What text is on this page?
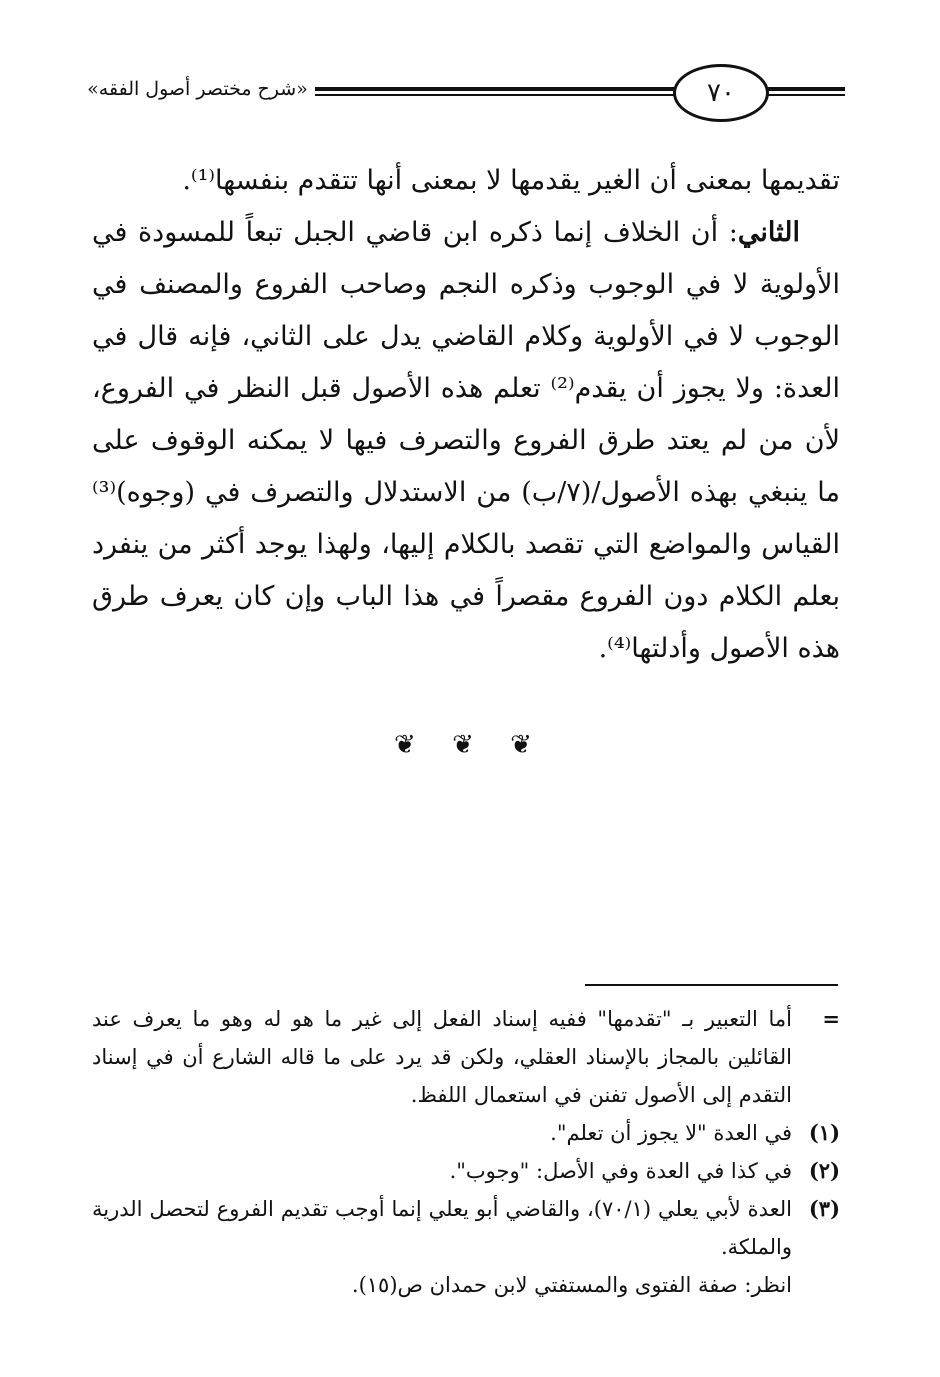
٧٠
«شرح مختصر أصول الفقه»

تقديمها بمعنى أن الغير يقدمها لا بمعنى أنها تتقدم بنفسها⁽¹⁾.

الثاني: أن الخلاف إنما ذكره ابن قاضي الجبل تبعاً للمسودة في الأولوية لا في الوجوب وذكره النجم وصاحب الفروع والمصنف في الوجوب لا في الأولوية وكلام القاضي يدل على الثاني، فإنه قال في العدة: ولا يجوز أن يقدم⁽²⁾ تعلم هذه الأصول قبل النظر في الفروع، لأن من لم يعتد طرق الفروع والتصرف فيها لا يمكنه الوقوف على ما ينبغي بهذه الأصول/(٧/ب) من الاستدلال والتصرف في (وجوه)⁽³⁾ القياس والمواضع التي تقصد بالكلام إليها، ولهذا يوجد أكثر من ينفرد بعلم الكلام دون الفروع مقصراً في هذا الباب وإن كان يعرف طرق هذه الأصول وأدلتها⁽⁴⁾.

❦ ❦ ❦
=
أما التعبير بـ "تقدمها" ففيه إسناد الفعل إلى غير ما هو له وهو ما يعرف عند القائلين بالمجاز بالإسناد العقلي، ولكن قد يرد على ما قاله الشارع أن في إسناد التقدم إلى الأصول تفنن في استعمال اللفظ.
(١)
في العدة "لا يجوز أن تعلم".
(٢)
في كذا في العدة وفي الأصل: "وجوب".
(٣)
العدة لأبي يعلي (٧٠/١)، والقاضي أبو يعلي إنما أوجب تقديم الفروع لتحصل الدرية والملكة.
انظر: صفة الفتوى والمستفتي لابن حمدان ص(١٥).
